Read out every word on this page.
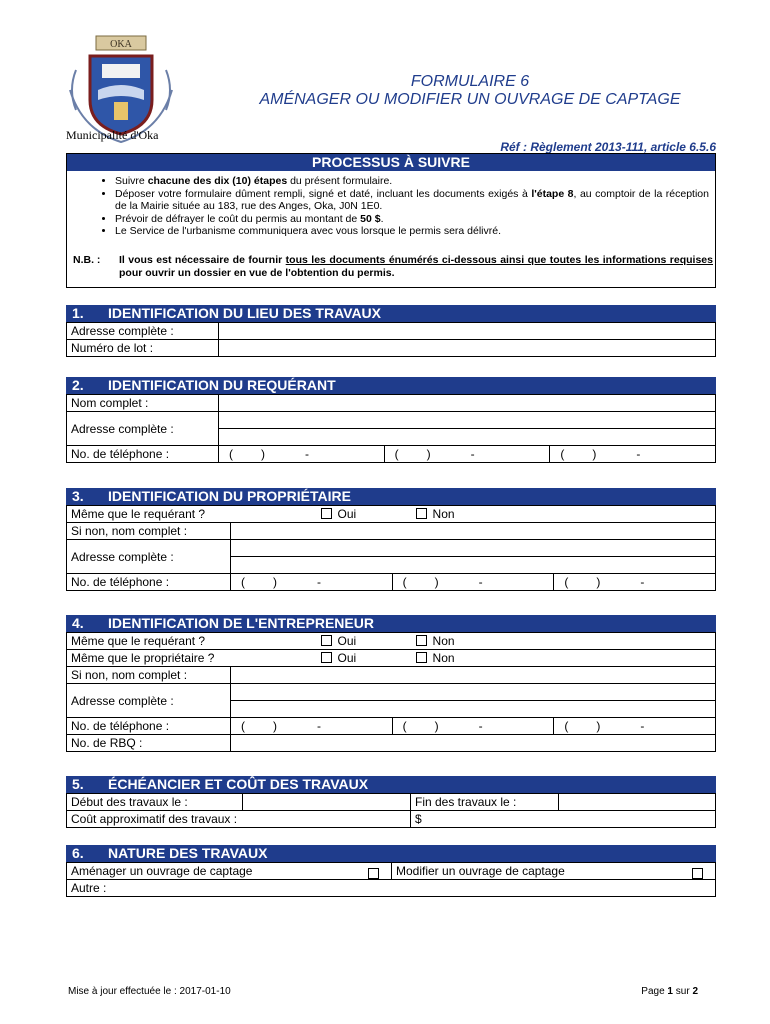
OKA
Municipalité d'Oka
FORMULAIRE 6
AMÉNAGER OU MODIFIER UN OUVRAGE DE CAPTAGE
Réf : Règlement 2013-111, article 6.5.6
PROCESSUS À SUIVRE
• Suivre chacune des dix (10) étapes du présent formulaire.
• Déposer votre formulaire dûment rempli, signé et daté, incluant les documents exigés à l'étape 8, au comptoir de la réception de la Mairie située au 183, rue des Anges, Oka, J0N 1E0.
• Prévoir de défrayer le coût du permis au montant de 50 $.
• Le Service de l'urbanisme communiquera avec vous lorsque le permis sera délivré.
N.B. : Il vous est nécessaire de fournir tous les documents énumérés ci-dessous ainsi que toutes les informations requises pour ouvrir un dossier en vue de l'obtention du permis.
1. IDENTIFICATION DU LIEU DES TRAVAUX
Adresse complète :	
Numéro de lot :	
2. IDENTIFICATION DU REQUÉRANT
Nom complet :			
Adresse complète :			

No. de téléphone :	( ) -	( ) -	( ) -
3. IDENTIFICATION DU PROPRIÉTAIRE
Même que le requérant ?	Oui Non		
Si non, nom complet :			
Adresse complète :			

No. de téléphone :	( ) -	( ) -	( ) -
4. IDENTIFICATION DE L'ENTREPRENEUR
Même que le requérant ?	Oui Non		
Même que le propriétaire ?	Oui Non		
Si non, nom complet :			
Adresse complète :			

No. de téléphone :	( ) -	( ) -	( ) -
No. de RBQ :			
5. ÉCHÉANCIER ET COÛT DES TRAVAUX
Début des travaux le :		Fin des travaux le :	
Coût approximatif des travaux :		$	
6. NATURE DES TRAVAUX
Aménager un ouvrage de captage	Modifier un ouvrage de captage

Autre :
Mise à jour effectuée le : 2017-01-10	Page 1 sur 2
